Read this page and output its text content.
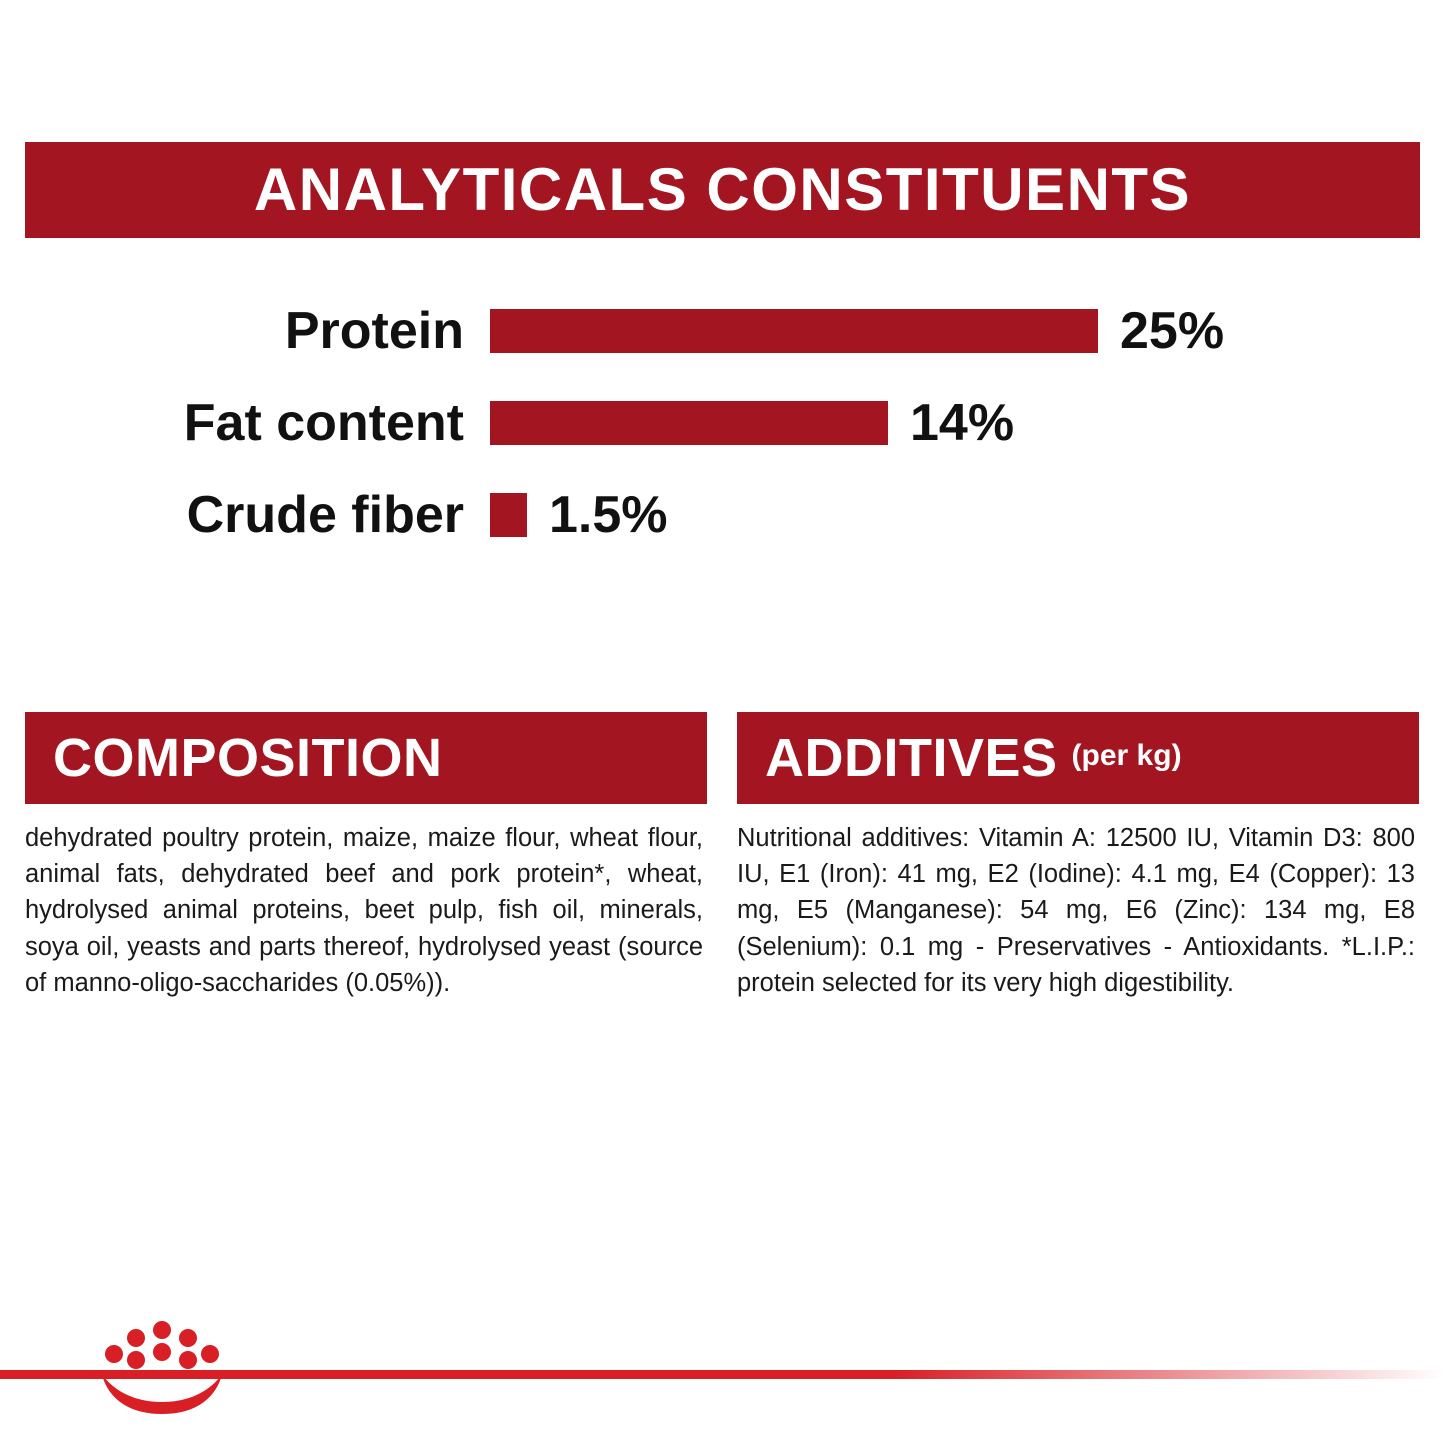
ANALYTICALS CONSTITUENTS
Protein	25%
Fat content	14%
Crude fiber	1.5%
COMPOSITION
dehydrated poultry protein, maize, maize flour, wheat flour, animal fats, dehydrated beef and pork protein*, wheat, hydrolysed animal proteins, beet pulp, fish oil, minerals, soya oil, yeasts and parts thereof, hydrolysed yeast (source of manno-oligo-saccharides (0.05%)).
ADDITIVES (per kg)
Nutritional additives: Vitamin A: 12500 IU, Vitamin D3: 800 IU, E1 (Iron): 41 mg, E2 (Iodine): 4.1 mg, E4 (Copper): 13 mg, E5 (Manganese): 54 mg, E6 (Zinc): 134 mg, E8 (Selenium): 0.1 mg - Preservatives - Antioxidants. *L.I.P.: protein selected for its very high digestibility.
